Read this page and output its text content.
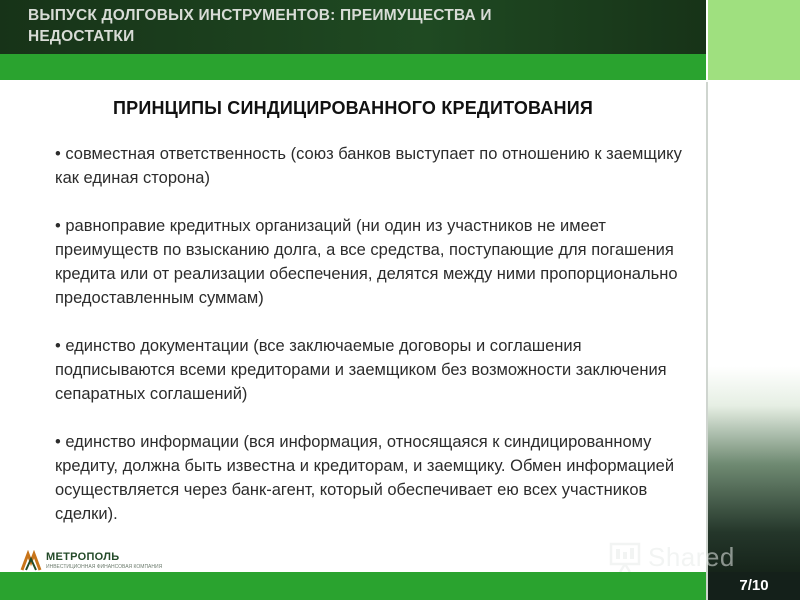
ВЫПУСК ДОЛГОВЫХ ИНСТРУМЕНТОВ: ПРЕИМУЩЕСТВА И НЕДОСТАТКИ
ПРИНЦИПЫ СИНДИЦИРОВАННОГО КРЕДИТОВАНИЯ
• совместная ответственность (союз банков выступает по отношению к заемщику как единая сторона)
• равноправие кредитных организаций (ни один из участников не имеет преимуществ по взысканию долга, а все средства, поступающие для погашения кредита или от реализации обеспечения, делятся между ними пропорционально предоставленным суммам)
• единство документации (все заключаемые договоры и соглашения подписываются всеми кредиторами и заемщиком без возможности заключения сепаратных соглашений)
• единство информации (вся информация, относящаяся к синдицированному кредиту, должна быть известна и кредиторам, и заемщику. Обмен информацией осуществляется через банк-агент, который обеспечивает ею всех участников сделки).
МЕТРОПОЛЬ
ИНВЕСТИЦИОННАЯ ФИНАНСОВАЯ КОМПАНИЯ	Shared
7/10
